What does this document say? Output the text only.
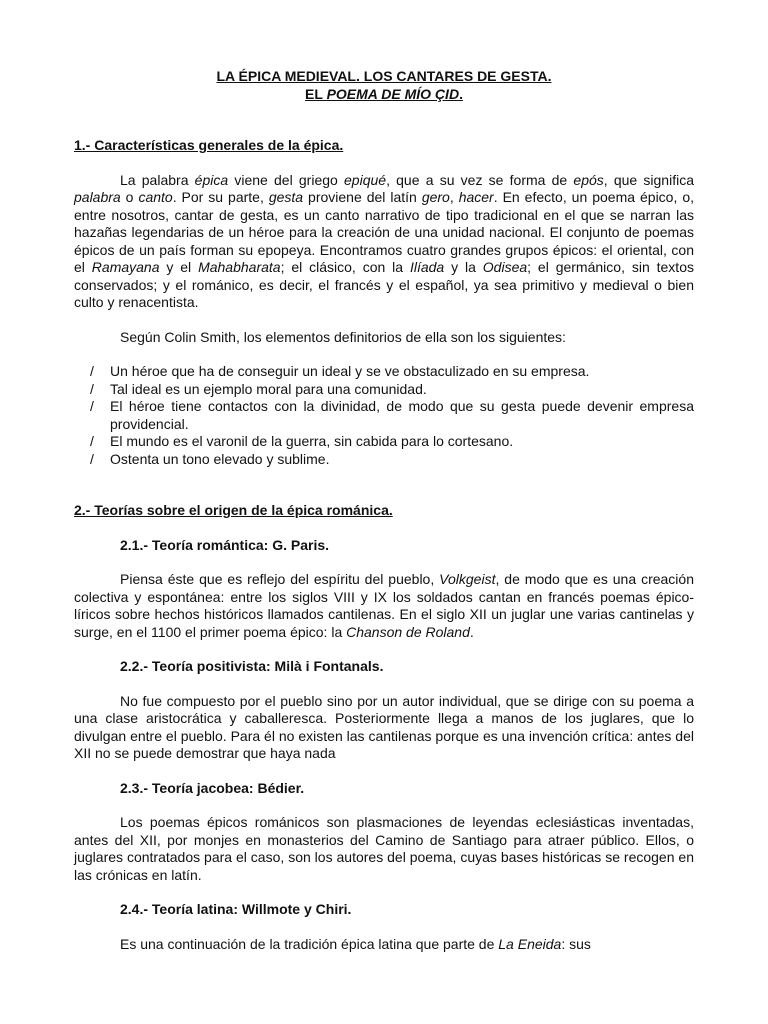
LA ÉPICA MEDIEVAL. LOS CANTARES DE GESTA.
EL POEMA DE MÍO ÇID.
1.- Características generales de la épica.

La palabra épica viene del griego epiqué, que a su vez se forma de epós, que significa palabra o canto. Por su parte, gesta proviene del latín gero, hacer. En efecto, un poema épico, o, entre nosotros, cantar de gesta, es un canto narrativo de tipo tradicional en el que se narran las hazañas legendarias de un héroe para la creación de una unidad nacional. El conjunto de poemas épicos de un país forman su epopeya. Encontramos cuatro grandes grupos épicos: el oriental, con el Ramayana y el Mahabharata; el clásico, con la Ilíada y la Odisea; el germánico, sin textos conservados; y el románico, es decir, el francés y el español, ya sea primitivo y medieval o bien culto y renacentista.

Según Colin Smith, los elementos definitorios de ella son los siguientes:

/ Un héroe que ha de conseguir un ideal y se ve obstaculizado en su empresa.
/ Tal ideal es un ejemplo moral para una comunidad.
/ El héroe tiene contactos con la divinidad, de modo que su gesta puede devenir empresa providencial.
/ El mundo es el varonil de la guerra, sin cabida para lo cortesano.
/ Ostenta un tono elevado y sublime.
2.- Teorías sobre el origen de la épica románica.
2.1.- Teoría romántica: G. Paris.

Piensa éste que es reflejo del espíritu del pueblo, Volkgeist, de modo que es una creación colectiva y espontánea: entre los siglos VIII y IX los soldados cantan en francés poemas épico-líricos sobre hechos históricos llamados cantilenas. En el siglo XII un juglar une varias cantinelas y surge, en el 1100 el primer poema épico: la Chanson de Roland.

2.2.- Teoría positivista: Milà i Fontanals.

No fue compuesto por el pueblo sino por un autor individual, que se dirige con su poema a una clase aristocrática y caballeresca. Posteriormente llega a manos de los juglares, que lo divulgan entre el pueblo. Para él no existen las cantilenas porque es una invención crítica: antes del XII no se puede demostrar que haya nada

2.3.- Teoría jacobea: Bédier.

Los poemas épicos románicos son plasmaciones de leyendas eclesiásticas inventadas, antes del XII, por monjes en monasterios del Camino de Santiago para atraer público. Ellos, o juglares contratados para el caso, son los autores del poema, cuyas bases históricas se recogen en las crónicas en latín.

2.4.- Teoría latina: Willmote y Chiri.

Es una continuación de la tradición épica latina que parte de La Eneida: sus
